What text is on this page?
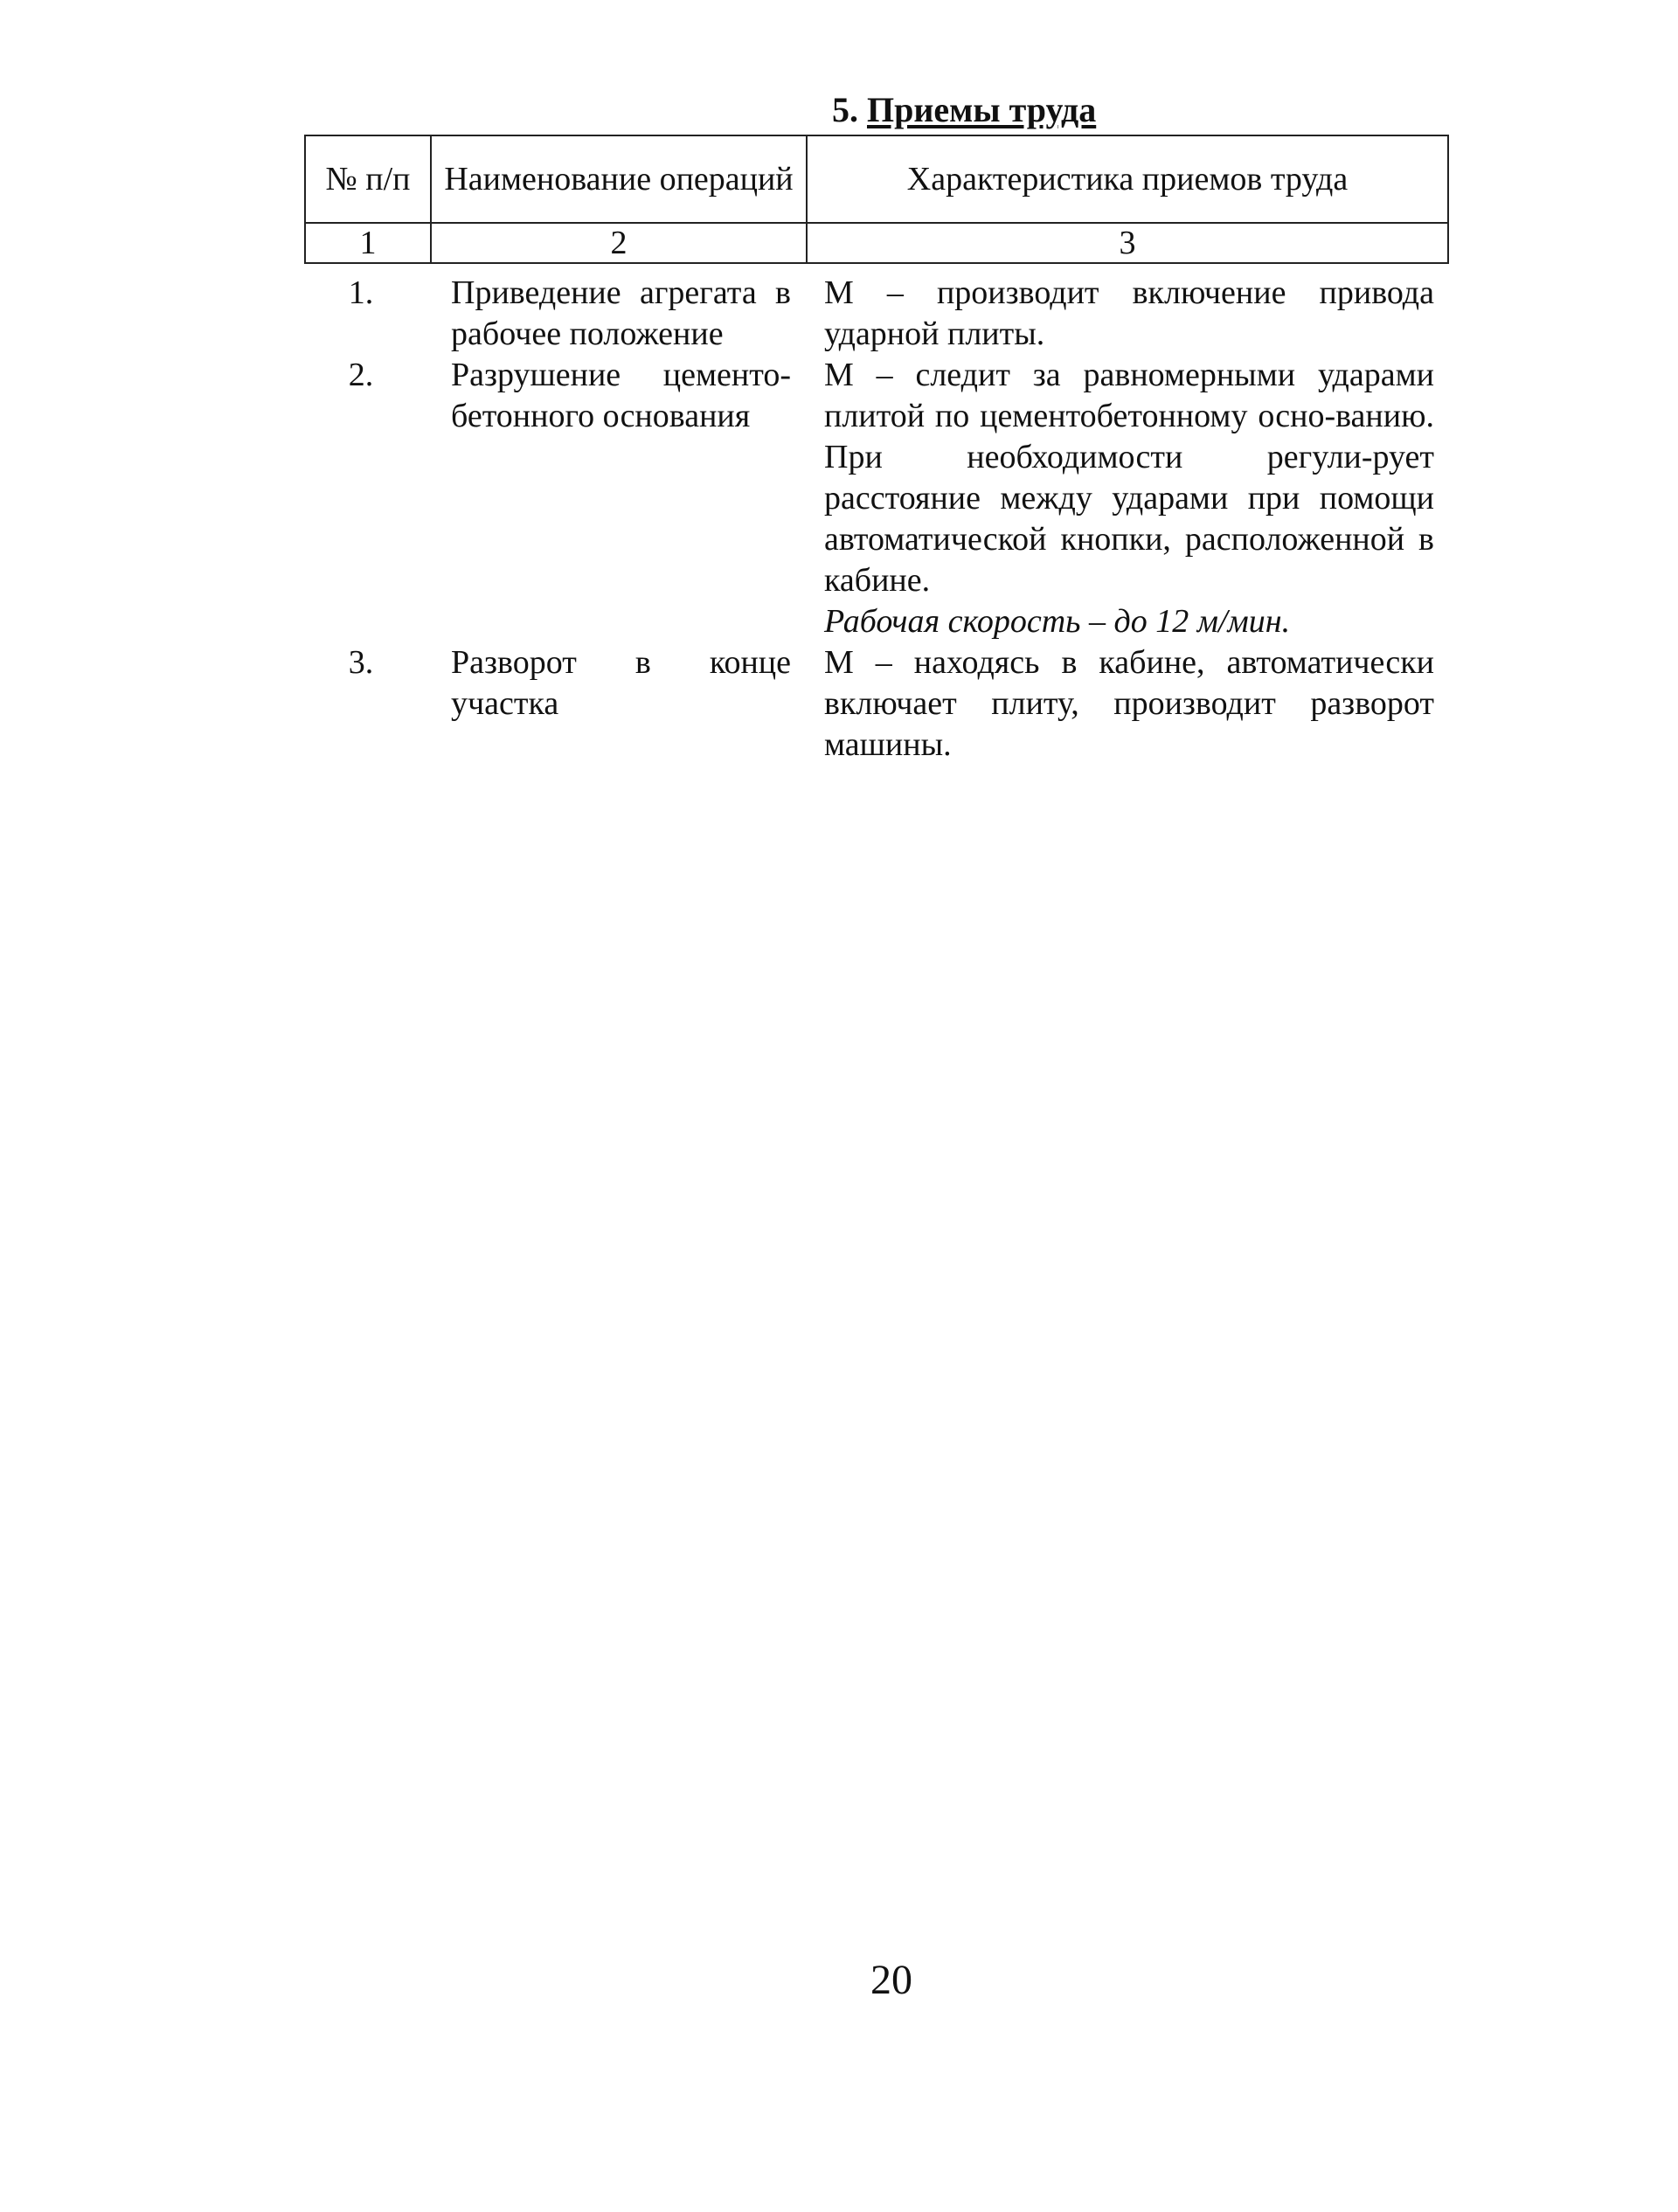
5. Приемы труда
№ п/п	Наименование операций	Характеристика приемов труда
1	2	3
1.	Приведение агрегата в рабочее положение	М – производит включение привода ударной плиты.
2.	Разрушение цементо-бетонного основания	М – следит за равномерными ударами плитой по цементобетонному осно-ванию. При необходимости регули-рует расстояние между ударами при помощи автоматической кнопки, расположенной в кабине.
Рабочая скорость – до 12 м/мин.

3.	Разворот в конце участка	М – находясь в кабине, автоматически включает плиту, производит разворот машины.
20
